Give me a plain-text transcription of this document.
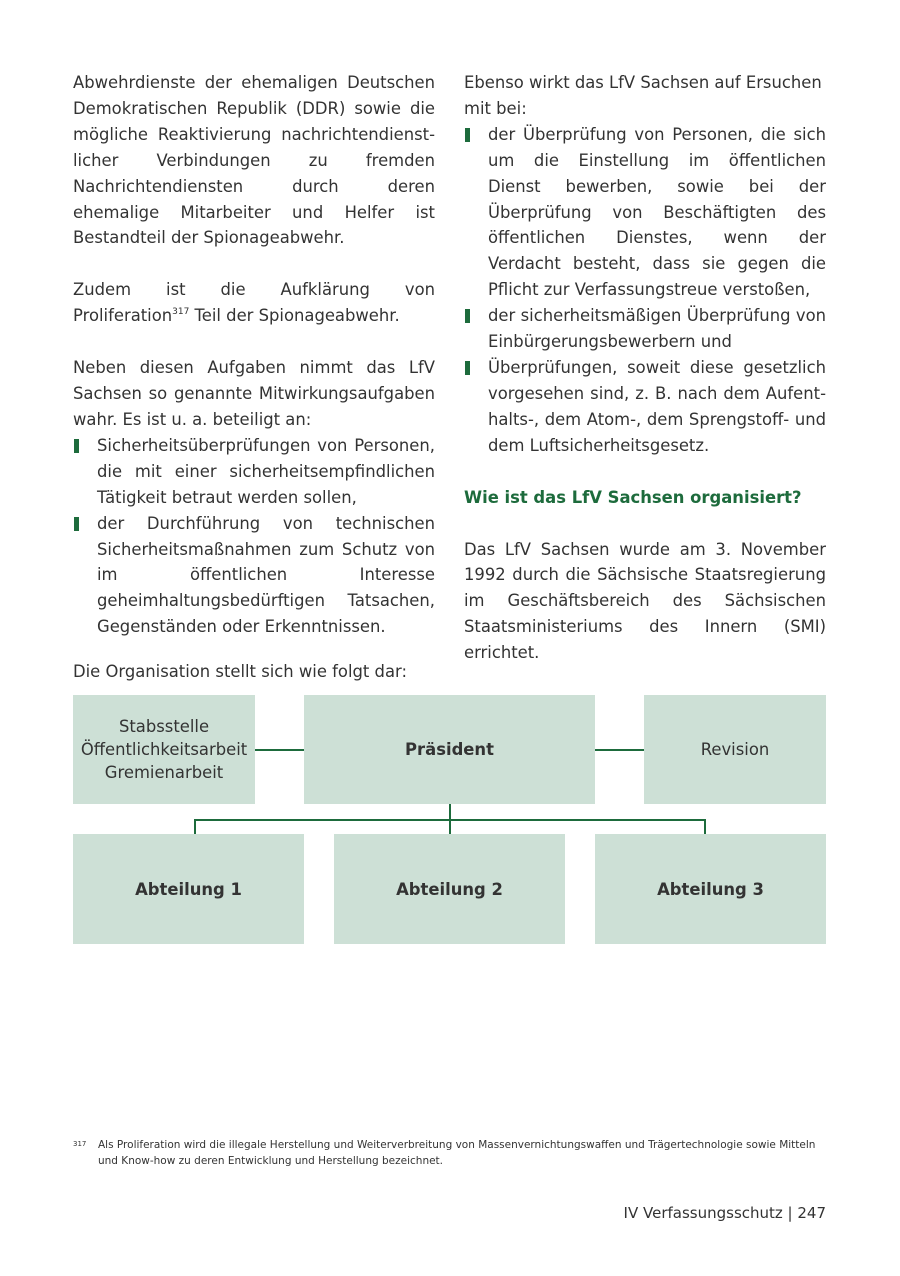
Abwehrdienste der ehemaligen Deutschen Demokratischen Republik (DDR) sowie die mögliche Reaktivierung nachrichtendienstlicher Verbindungen zu fremden Nachrichtendiensten durch deren ehemalige Mitarbeiter und Helfer ist Bestandteil der Spionageabwehr.

Zudem ist die Aufklärung von Proliferation$^{317}$ Teil der Spionageabwehr.

Neben diesen Aufgaben nimmt das LfV Sachsen so genannte Mitwirkungsaufgaben wahr. Es ist u. a. beteiligt an:

Sicherheitsüberprüfungen von Personen, die mit einer sicherheitsempfindlichen Tätigkeit betraut werden sollen,
der Durchführung von technischen Sicherheitsmaßnahmen zum Schutz von im öffentlichen Interesse geheimhaltungsbedürftigen Tatsachen, Gegenständen oder Erkenntnissen.

Ebenso wirkt das LfV Sachsen auf Ersuchen mit bei:

der Überprüfung von Personen, die sich um die Einstellung im öffentlichen Dienst bewerben, sowie bei der Überprüfung von Beschäftigten des öffentlichen Dienstes, wenn der Verdacht besteht, dass sie gegen die Pflicht zur Verfassungstreue verstoßen,
der sicherheitsmäßigen Überprüfung von Einbürgerungsbewerbern und
Überprüfungen, soweit diese gesetzlich vorgesehen sind, z. B. nach dem Aufenthalts-, dem Atom-, dem Sprengstoff- und dem Luftsicherheitsgesetz.
Wie ist das LfV Sachsen organisiert?

Das LfV Sachsen wurde am 3. November 1992 durch die Sächsische Staatsregierung im Geschäftsbereich des Sächsischen Staatsministeriums des Innern (SMI) errichtet.

Die Organisation stellt sich wie folgt dar:

Stabsstelle
Öffentlichkeitsarbeit
Gremienarbeit
Präsident	Revision
Abteilung 1	Abteilung 2	Abteilung 3
317 Als Proliferation wird die illegale Herstellung und Weiterverbreitung von Massenvernichtungswaffen und Trägertechnologie sowie Mitteln und Know-how zu deren Entwicklung und Herstellung bezeichnet.
IV Verfassungsschutz | 247
